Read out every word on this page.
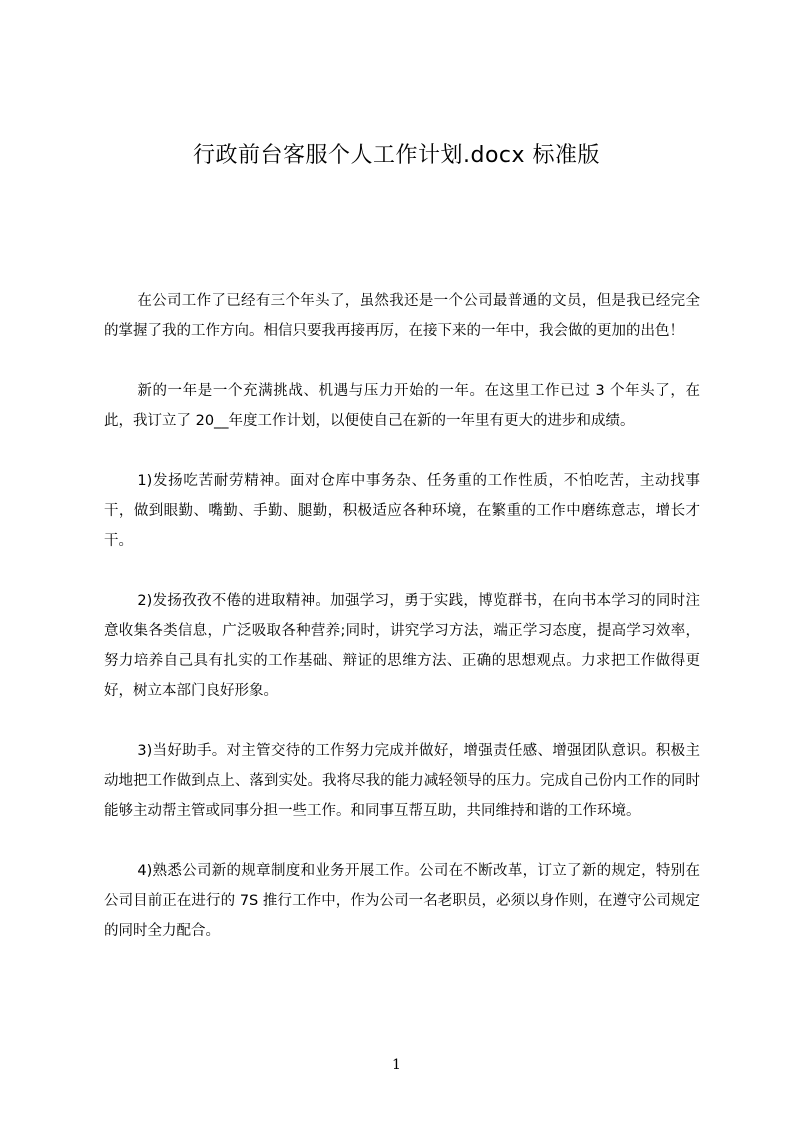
行政前台客服个人工作计划.docx 标准版

在公司工作了已经有三个年头了，虽然我还是一个公司最普通的文员，但是我已经完全的掌握了我的工作方向。相信只要我再接再厉，在接下来的一年中，我会做的更加的出色！

新的一年是一个充满挑战、机遇与压力开始的一年。在这里工作已过 3 个年头了，在此，我订立了 20__年度工作计划，以便使自己在新的一年里有更大的进步和成绩。

1)发扬吃苦耐劳精神。面对仓库中事务杂、任务重的工作性质，不怕吃苦，主动找事干，做到眼勤、嘴勤、手勤、腿勤，积极适应各种环境，在繁重的工作中磨练意志，增长才干。

2)发扬孜孜不倦的进取精神。加强学习，勇于实践，博览群书，在向书本学习的同时注意收集各类信息，广泛吸取各种营养;同时，讲究学习方法，端正学习态度，提高学习效率，努力培养自己具有扎实的工作基础、辩证的思维方法、正确的思想观点。力求把工作做得更好，树立本部门良好形象。

3)当好助手。对主管交待的工作努力完成并做好，增强责任感、增强团队意识。积极主动地把工作做到点上、落到实处。我将尽我的能力减轻领导的压力。完成自己份内工作的同时能够主动帮主管或同事分担一些工作。和同事互帮互助，共同维持和谐的工作环境。

4)熟悉公司新的规章制度和业务开展工作。公司在不断改革，订立了新的规定，特别在公司目前正在进行的 7S 推行工作中，作为公司一名老职员，必须以身作则，在遵守公司规定的同时全力配合。

1
